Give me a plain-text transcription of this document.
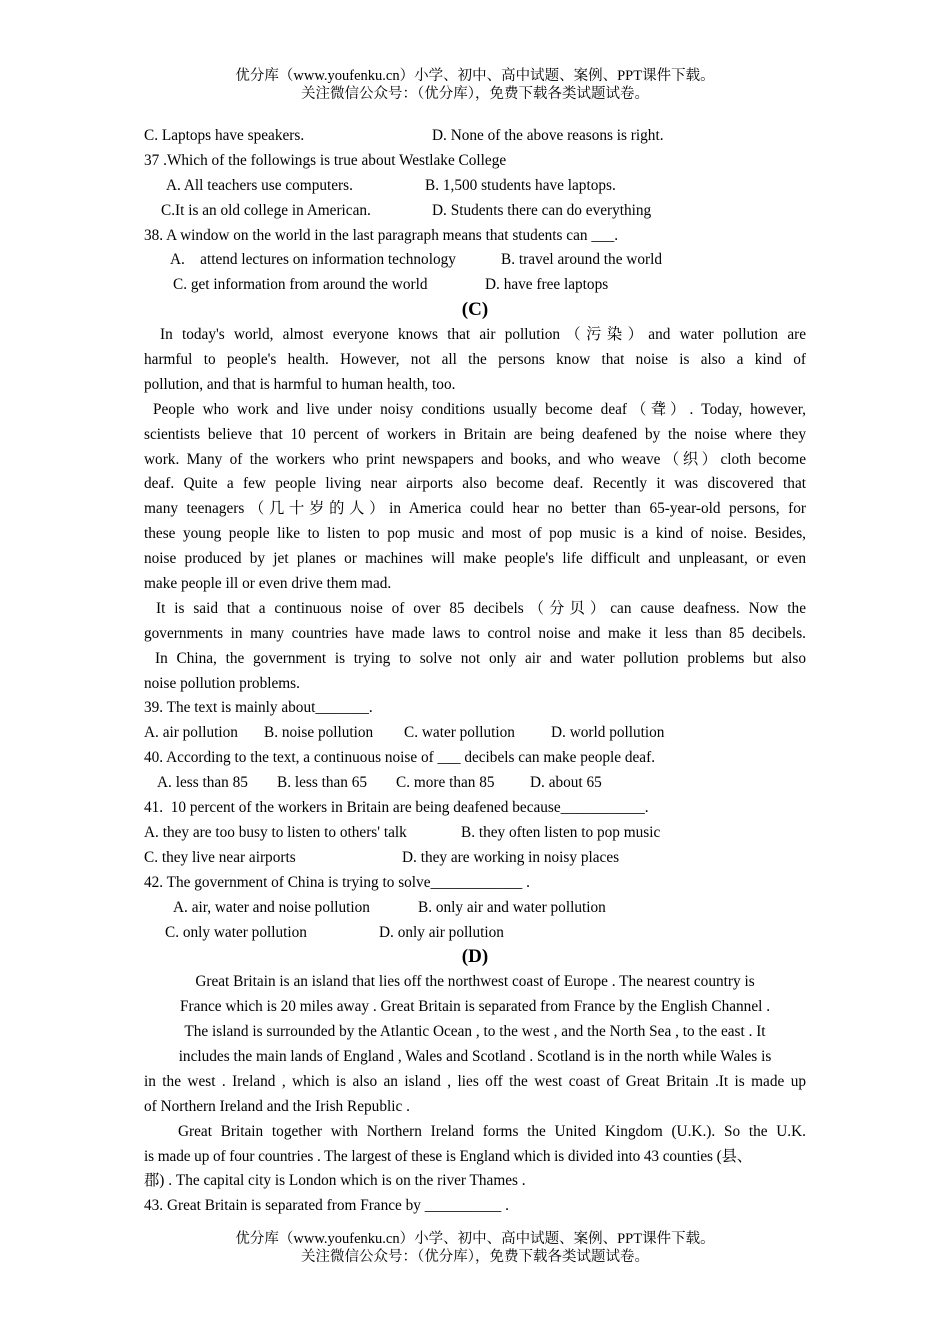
优分库（www.youfenku.cn）小学、初中、高中试题、案例、PPT课件下载。
关注微信公众号：（优分库），免费下载各类试题试卷。
C. Laptops have speakers.	D. None of the above reasons is right.
37 .Which of the followings is true about Westlake College
A. All teachers use computers.	B. 1,500 students have laptops.
C.It is an old college in American.	D. Students there can do everything
38. A window on the world in the last paragraph means that students can ___.
A.    attend lectures on information technology	B. travel around the world
C. get information from around the world	D. have free laptops
(C)
In today's world, almost everyone knows that air pollution（污染）and water pollution are
harmful to people's health. However, not all the persons know that noise is also a kind of
pollution, and that is harmful to human health, too.
People who work and live under noisy conditions usually become deaf（聋）. Today, however,
scientists believe that 10 percent of workers in Britain are being deafened by the noise where they
work. Many of the workers who print newspapers and books, and who weave（织）cloth become
deaf. Quite a few people living near airports also become deaf. Recently it was discovered that
many teenagers（几十岁的人）in America could hear no better than 65-year-old persons, for
these young people like to listen to pop music and most of pop music is a kind of noise. Besides,
noise produced by jet planes or machines will make people's life difficult and unpleasant, or even
make people ill or even drive them mad.
It is said that a continuous noise of over 85 decibels（分贝）can cause deafness. Now the
governments in many countries have made laws to control noise and make it less than 85 decibels.
In China, the government is trying to solve not only air and water pollution problems but also
noise pollution problems.
39. The text is mainly about_______.
A. air pollution B. noise pollution C. water pollution D. world pollution
40. According to the text, a continuous noise of ___ decibels can make people deaf.
A. less than 85 B. less than 65 C. more than 85 D. about 65
41.  10 percent of the workers in Britain are being deafened because___________.
A. they are too busy to listen to others' talk	B. they often listen to pop music
C. they live near airports	D. they are working in noisy places
42. The government of China is trying to solve____________ .
A. air, water and noise pollution	B. only air and water pollution
C. only water pollution	D. only air pollution
(D)
Great Britain is an island that lies off the northwest coast of Europe . The nearest country is
France which is 20 miles away . Great Britain is separated from France by the English Channel .
The island is surrounded by the Atlantic Ocean , to the west , and the North Sea , to the east . It
includes the main lands of England , Wales and Scotland . Scotland is in the north while Wales is
in the west . Ireland , which is also an island , lies off the west coast of Great Britain .It is made up
of Northern Ireland and the Irish Republic .
Great Britain together with Northern Ireland forms the United Kingdom (U.K.). So the U.K.
is made up of four countries . The largest of these is England which is divided into 43 counties (县、
郡) . The capital city is London which is on the river Thames .
43. Great Britain is separated from France by __________ .
优分库（www.youfenku.cn）小学、初中、高中试题、案例、PPT课件下载。
关注微信公众号：（优分库），免费下载各类试题试卷。
